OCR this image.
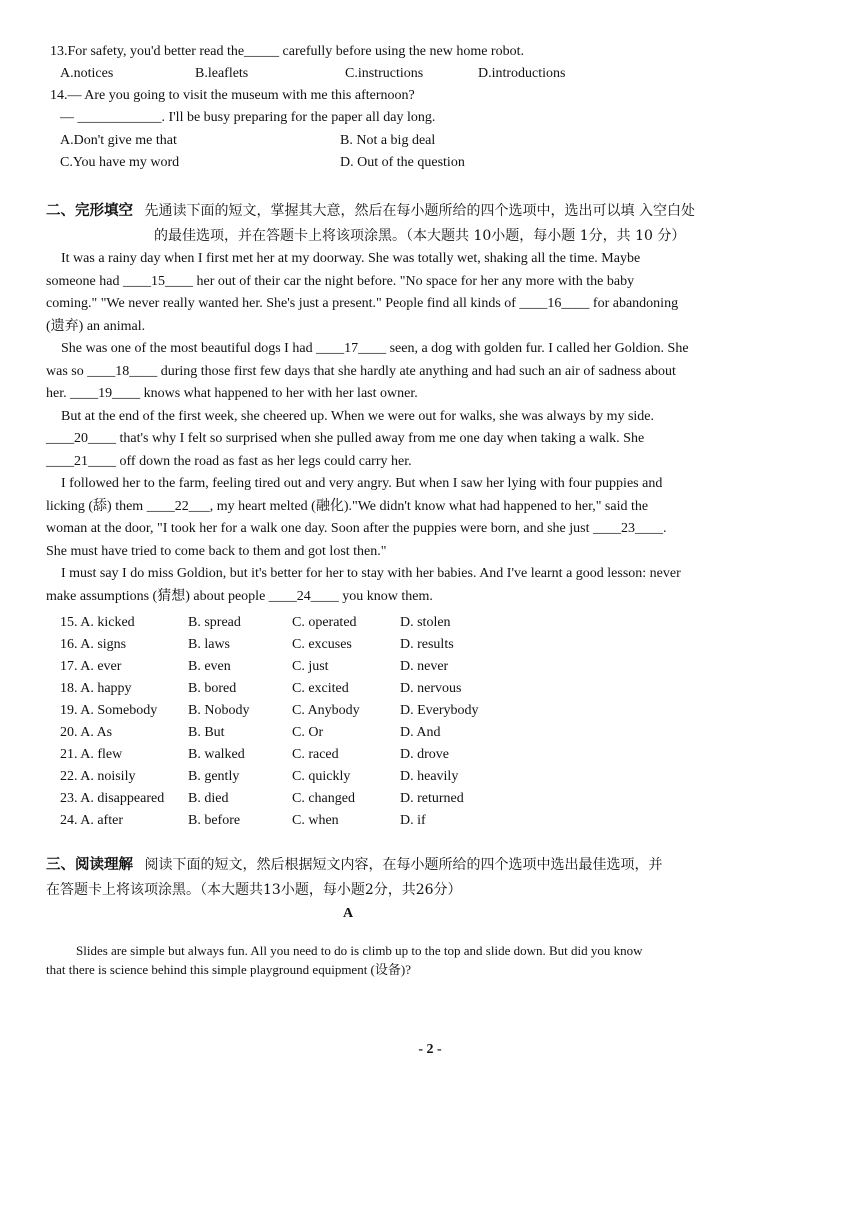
13.For safety, you'd better read the_____ carefully before using the new home robot.
A.notices	B.leaflets	C.instructions	D.introductions
14.— Are you going to visit the museum with me this afternoon?
— ____________. I'll be busy preparing for the paper all day long.
A.Don't give me that	B. Not a big deal
C.You have my word	D. Out of the question
二、完形填空 先通读下面的短文，掌握其大意，然后在每小题所给的四个选项中，选出可以填 入空白处
的最佳选项，并在答题卡上将该项涂黑。（本大题共 10小题，每小题 1分，共 10 分）
It was a rainy day when I first met her at my doorway. She was totally wet, shaking all the time. Maybe
someone had ____15____ her out of their car the night before. "No space for her any more with the baby
coming." "We never really wanted her. She's just a present." People find all kinds of ____16____ for abandoning
(遗弃) an animal.
She was one of the most beautiful dogs I had ____17____ seen, a dog with golden fur. I called her Goldion. She
was so ____18____ during those first few days that she hardly ate anything and had such an air of sadness about
her. ____19____ knows what happened to her with her last owner.
But at the end of the first week, she cheered up. When we were out for walks, she was always by my side.
____20____ that's why I felt so surprised when she pulled away from me one day when taking a walk. She
____21____ off down the road as fast as her legs could carry her.
I followed her to the farm, feeling tired out and very angry. But when I saw her lying with four puppies and
licking (舔) them ____22___, my heart melted (融化)."We didn't know what had happened to her," said the
woman at the door, "I took her for a walk one day. Soon after the puppies were born, and she just ____23____.
She must have tried to come back to them and got lost then."
I must say I do miss Goldion, but it's better for her to stay with her babies. And I've learnt a good lesson: never
make assumptions (猜想) about people ____24____ you know them.
15. A. kicked	B. spread	C. operated	D. stolen
16. A. signs	B. laws	C. excuses	D. results
17. A. ever	B. even	C. just	D. never
18. A. happy	B. bored	C. excited	D. nervous
19. A. Somebody B. Nobody	C. Anybody	D. Everybody
20. A. As	B. But	C. Or	D. And
21. A. flew	B. walked	C. raced	D. drove
22. A. noisily	B. gently	C. quickly	D. heavily
23. A. disappeared B. died	C. changed	D. returned
24. A. after	B. before	C. when	D. if
三、阅读理解 阅读下面的短文，然后根据短文内容，在每小题所给的四个选项中选出最佳选项，并
在答题卡上将该项涂黑。（本大题共13小题，每小题2分，共26分）
A
Slides are simple but always fun. All you need to do is climb up to the top and slide down. But did you know
that there is science behind this simple playground equipment (设备)?
- 2 -
